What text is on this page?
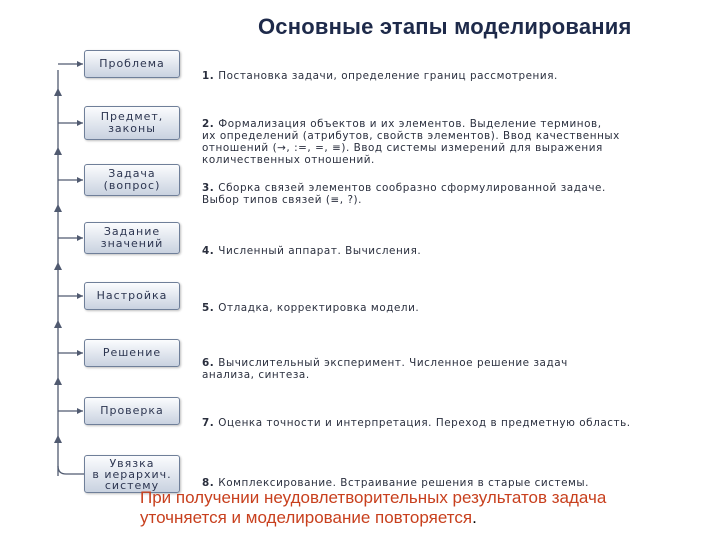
Основные этапы моделирования
Проблема
Предмет,
законы
Задача
(вопрос)
Задание
значений
Настройка
Решение
Проверка
Увязка
в иерархич.
систему

1. Постановка задачи, определение границ рассмотрения.

2. Формализация объектов и их элементов. Выделение терминов,
их определений (атрибутов, свойств элементов). Ввод качественных
отношений (→, :=, =, ≡). Ввод системы измерений для выражения
количественных отношений.

3. Сборка связей элементов сообразно сформулированной задаче.
Выбор типов связей (≡, ?).

4. Численный аппарат. Вычисления.

5. Отладка, корректировка модели.

6. Вычислительный эксперимент. Численное решение задач
анализа, синтеза.

7. Оценка точности и интерпретация. Переход в предметную область.

8. Комплексирование. Встраивание решения в старые системы.

При получении неудовлетворительных результатов задача
уточняется и моделирование повторяется.
